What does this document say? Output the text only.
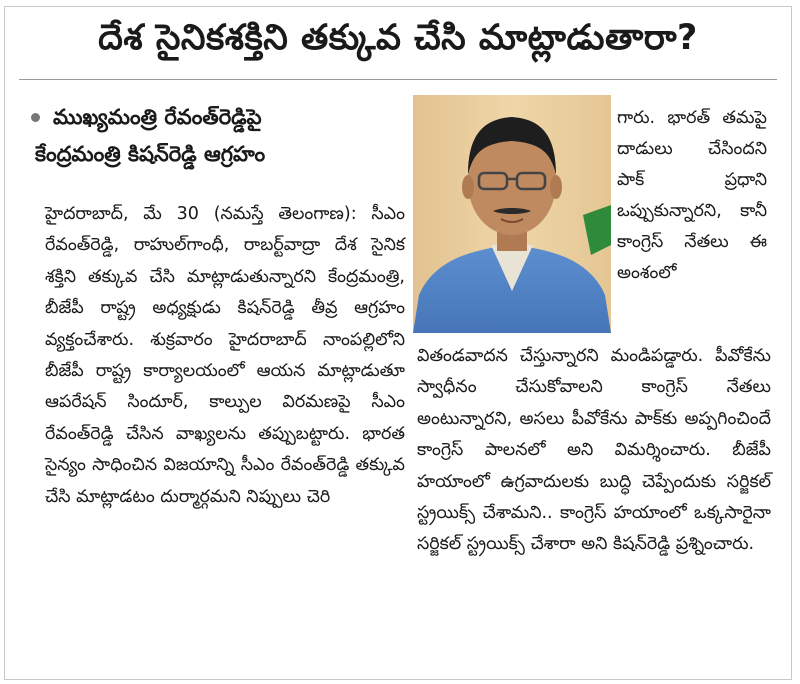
దేశ సైనికశక్తిని తక్కువ చేసి మాట్లాడుతారా?
ముఖ్యమంత్రి రేవంత్‌రెడ్డిపై
కేంద్రమంత్రి కిషన్‌రెడ్డి ఆగ్రహం

హైదరాబాద్, మే 30 (నమస్తే తెలంగాణ): సీఎం రేవంత్‌రెడ్డి, రాహుల్‌గాంధీ, రాబర్ట్‌వాద్రా దేశ సైనిక శక్తిని తక్కువ చేసి మాట్లాడుతున్నారని కేంద్రమంత్రి, బీజేపీ రాష్ట్ర అధ్యక్షుడు కిషన్‌రెడ్డి తీవ్ర ఆగ్రహం వ్యక్తంచేశారు. శుక్రవారం హైదరాబాద్ నాంపల్లిలోని బీజేపీ రాష్ట్ర కార్యాలయంలో ఆయన మాట్లాడుతూ ఆపరేషన్ సిందూర్, కాల్పుల విరమణపై సీఎం రేవంత్‌రెడ్డి చేసిన వాఖ్యలను తప్పుబట్టారు. భారత సైన్యం సాధించిన విజయాన్ని సీఎం రేవంత్‌రెడ్డి తక్కువ చేసి మాట్లాడటం దుర్మార్గమని నిప్పులు చెరి

గారు. భారత్ తమపై దాడులు చేసిందని పాక్ ప్రధాని ఒప్పుకున్నారని, కానీ కాంగ్రెస్ నేతలు ఈ అంశంలో

వితండవాదన చేస్తున్నారని మండిపడ్డారు. పీవోకేను స్వాధీనం చేసుకోవాలని కాంగ్రెస్ నేతలు అంటున్నారని, అసలు పీవోకేను పాక్‌కు అప్పగించిందే కాంగ్రెస్ పాలనలో అని విమర్శించారు. బీజేపీ హయాంలో ఉగ్రవాదులకు బుద్ధి చెప్పేందుకు సర్జికల్ స్ట్రయిక్స్ చేశామని.. కాంగ్రెస్ హయాంలో ఒక్కసారైనా సర్జికల్ స్ట్రయిక్స్ చేశారా అని కిషన్‌రెడ్డి ప్రశ్నించారు.
